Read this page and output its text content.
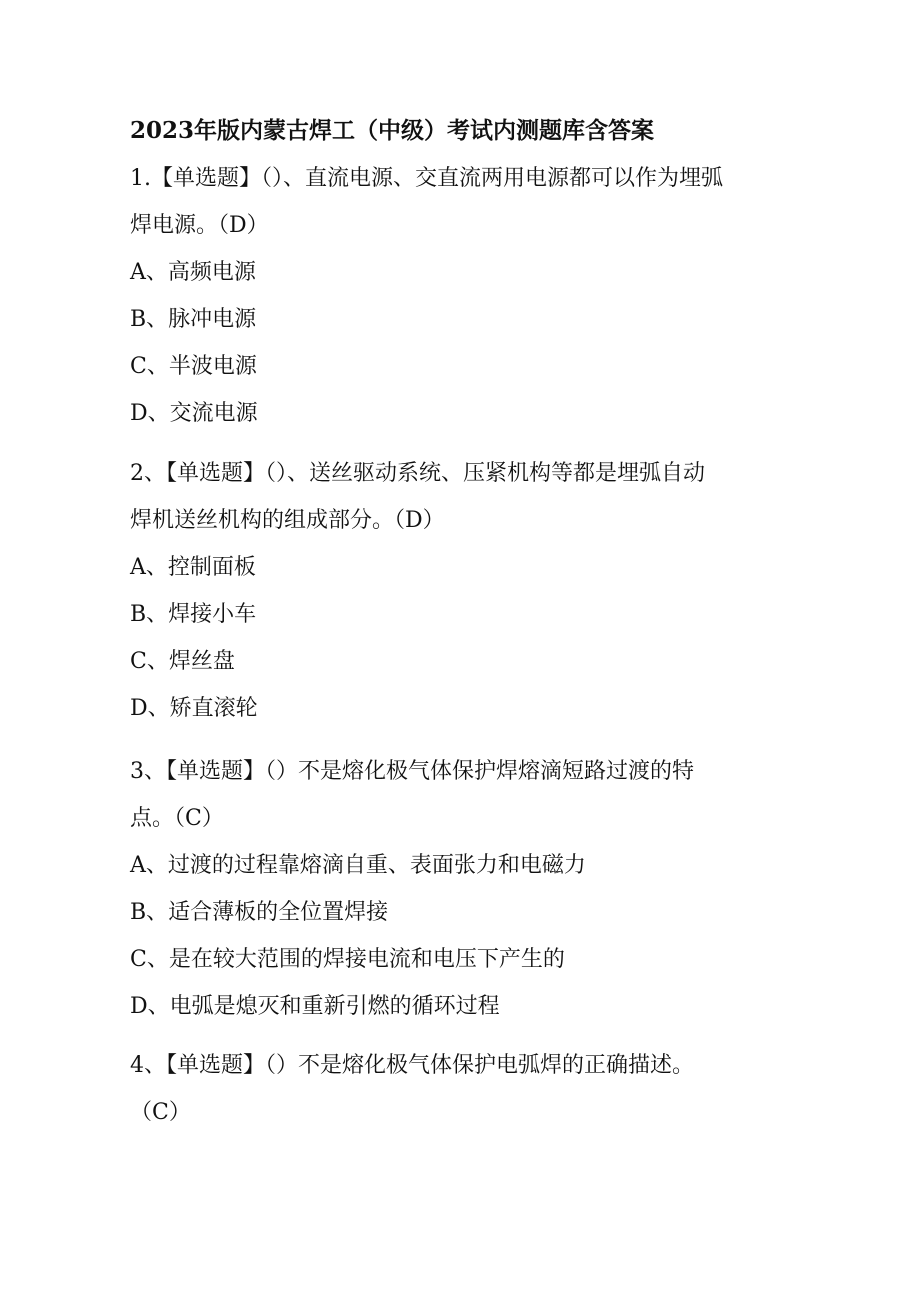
2023年版内蒙古焊工（中级）考试内测题库含答案
1.【单选题】（）、直流电源、交直流两用电源都可以作为埋弧
焊电源。（D）
A、高频电源
B、脉冲电源
C、半波电源
D、交流电源
2、【单选题】（）、送丝驱动系统、压紧机构等都是埋弧自动
焊机送丝机构的组成部分。（D）
A、控制面板
B、焊接小车
C、焊丝盘
D、矫直滚轮
3、【单选题】（）不是熔化极气体保护焊熔滴短路过渡的特
点。（C）
A、过渡的过程靠熔滴自重、表面张力和电磁力
B、适合薄板的全位置焊接
C、是在较大范围的焊接电流和电压下产生的
D、电弧是熄灭和重新引燃的循环过程
4、【单选题】（）不是熔化极气体保护电弧焊的正确描述。
（C）
